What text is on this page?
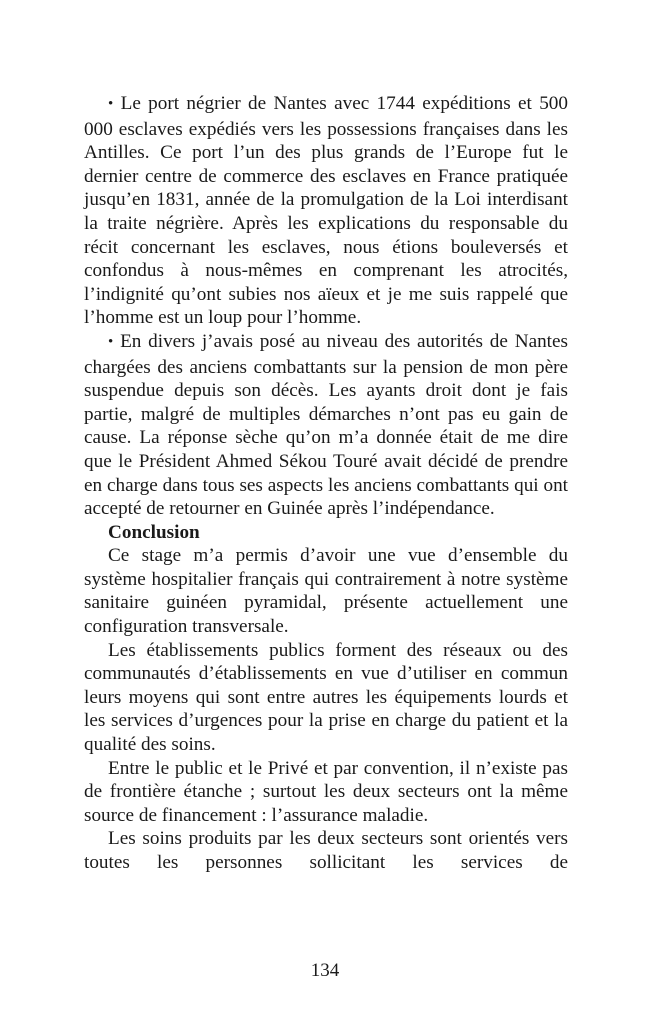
• Le port négrier de Nantes avec 1744 expéditions et 500 000 esclaves expédiés vers les possessions françaises dans les Antilles. Ce port l’un des plus grands de l’Europe fut le dernier centre de commerce des esclaves en France pratiquée jusqu’en 1831, année de la promulgation de la Loi interdisant la traite négrière. Après les explications du responsable du récit concernant les esclaves, nous étions bouleversés et confondus à nous-mêmes en comprenant les atrocités, l’indignité qu’ont subies nos aïeux et je me suis rappelé que l’homme est un loup pour l’homme.

• En divers j’avais posé au niveau des autorités de Nantes chargées des anciens combattants sur la pension de mon père suspendue depuis son décès. Les ayants droit dont je fais partie, malgré de multiples démarches n’ont pas eu gain de cause. La réponse sèche qu’on m’a donnée était de me dire que le Président Ahmed Sékou Touré avait décidé de prendre en charge dans tous ses aspects les anciens combattants qui ont accepté de retourner en Guinée après l’indépendance.

Conclusion

Ce stage m’a permis d’avoir une vue d’ensemble du système hospitalier français qui contrairement à notre système sanitaire guinéen pyramidal, présente actuellement une configuration transversale.

Les établissements publics forment des réseaux ou des communautés d’établissements en vue d’utiliser en commun leurs moyens qui sont entre autres les équipements lourds et les services d’urgences pour la prise en charge du patient et la qualité des soins.

Entre le public et le Privé et par convention, il n’existe pas de frontière étanche ; surtout les deux secteurs ont la même source de financement : l’assurance maladie.

Les soins produits par les deux secteurs sont orientés vers toutes les personnes sollicitant les services de

134
